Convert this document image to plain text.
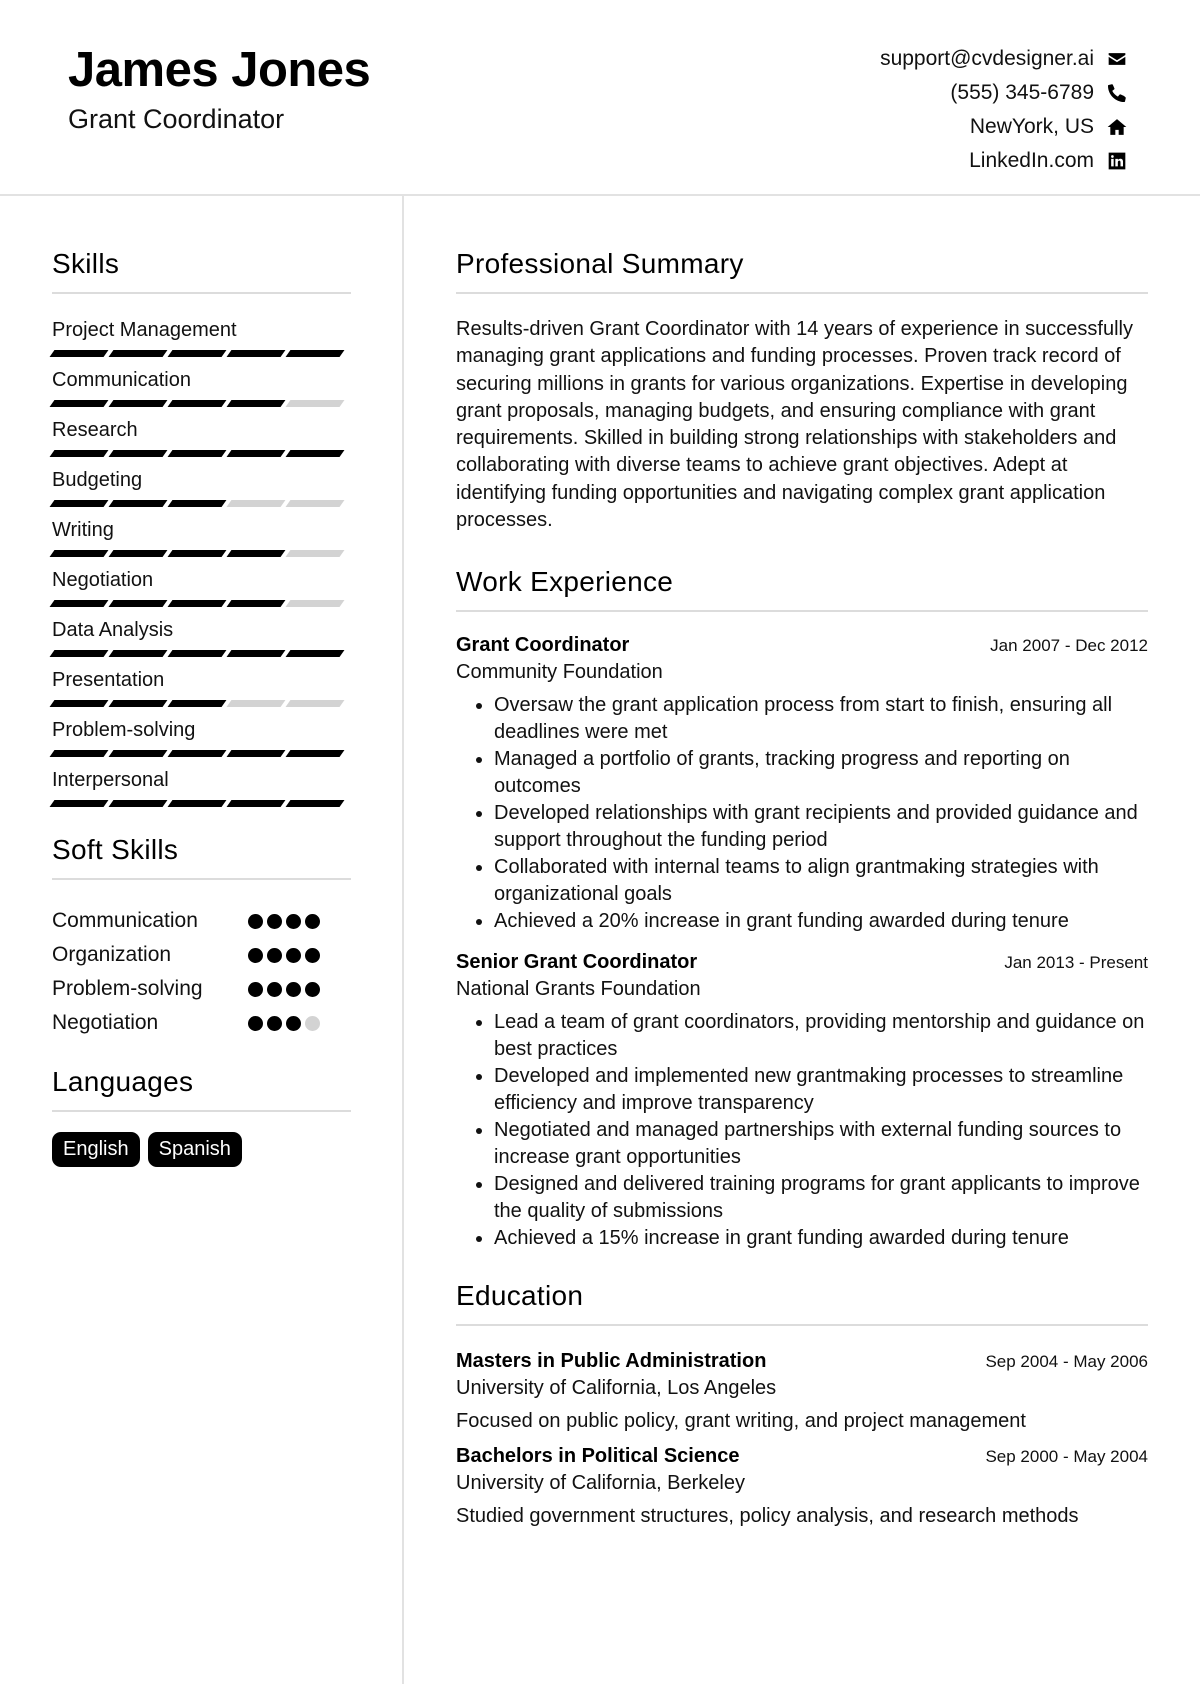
James Jones
Grant Coordinator
support@cvdesigner.ai
(555) 345-6789
NewYork, US
LinkedIn.com
Skills
Project Management
Communication
Research
Budgeting
Writing
Negotiation
Data Analysis
Presentation
Problem-solving
Interpersonal
Soft Skills
Communication
Organization
Problem-solving
Negotiation
Languages
English	Spanish
Professional Summary

Results-driven Grant Coordinator with 14 years of experience in successfully managing grant applications and funding processes. Proven track record of securing millions in grants for various organizations. Expertise in developing grant proposals, managing budgets, and ensuring compliance with grant requirements. Skilled in building strong relationships with stakeholders and collaborating with diverse teams to achieve grant objectives. Adept at identifying funding opportunities and navigating complex grant application processes.

Work Experience
Grant Coordinator	Jan 2007 - Dec 2012
Community Foundation
• Oversaw the grant application process from start to finish, ensuring all deadlines were met
• Managed a portfolio of grants, tracking progress and reporting on outcomes
• Developed relationships with grant recipients and provided guidance and support throughout the funding period
• Collaborated with internal teams to align grantmaking strategies with organizational goals
• Achieved a 20% increase in grant funding awarded during tenure
Senior Grant Coordinator	Jan 2013 - Present
National Grants Foundation
• Lead a team of grant coordinators, providing mentorship and guidance on best practices
• Developed and implemented new grantmaking processes to streamline efficiency and improve transparency
• Negotiated and managed partnerships with external funding sources to increase grant opportunities
• Designed and delivered training programs for grant applicants to improve the quality of submissions
• Achieved a 15% increase in grant funding awarded during tenure
Education
Masters in Public Administration	Sep 2004 - May 2006
University of California, Los Angeles
Focused on public policy, grant writing, and project management
Bachelors in Political Science	Sep 2000 - May 2004
University of California, Berkeley
Studied government structures, policy analysis, and research methods
